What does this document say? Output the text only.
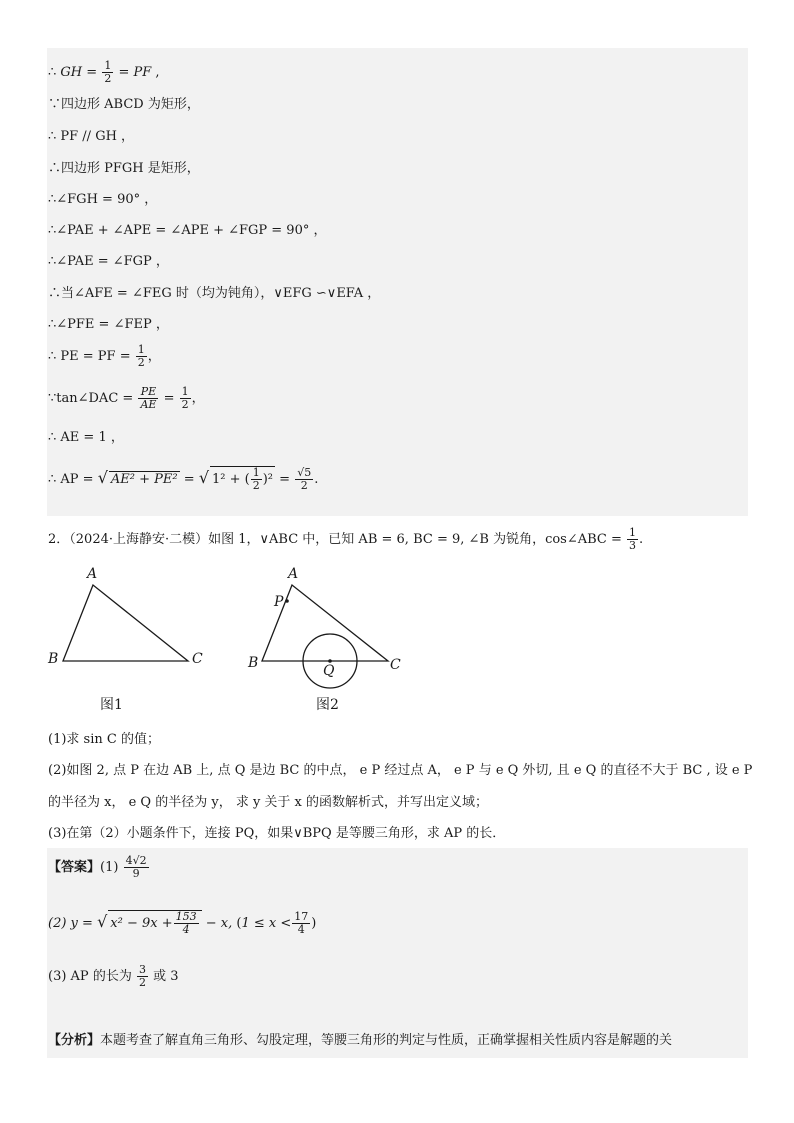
∴ GH = $\frac{1}{2}$ = PF ,
∵四边形 ABCD 为矩形，
∴ PF // GH ，
∴四边形 PFGH 是矩形，
∴∠FGH = 90° ，
∴∠PAE + ∠APE = ∠APE + ∠FGP = 90° ，
∴∠PAE = ∠FGP ，
∴当∠AFE = ∠FEG 时（均为钝角），∨EFG ∽∨EFA ，
∴∠PFE = ∠FEP ，
∴ PE = PF = $\frac{1}{2}$ ，
∵tan∠DAC = $\frac{PE}{AE} = \frac{1}{2}$ ，
∴ AE = 1 ，
∴ AP = √ AE² + PE² = √ 1² + ( $\frac{1}{2} )^2 = \frac{√5}{2}$ .
2．（2024·上海静安·二模）如图 1，∨ABC 中，已知 AB = 6, BC = 9, ∠B 为锐角，cos∠ABC = $\frac{1}{3}$ .
A
B	C
图1
A
P
B	Q	C
图2
(1)求 sin C 的值；
(2)如图 2, 点 P 在边 AB 上, 点 Q 是边 BC 的中点， e P 经过点 A， e P 与 e Q 外切, 且 e Q 的直径不大于 BC , 设 e P
的半径为 x， e Q 的半径为 y， 求 y 关于 x 的函数解析式，并写出定义域；
(3)在第（2）小题条件下，连接 PQ，如果∨BPQ 是等腰三角形，求 AP 的长．
【答案】$(1) \frac{4√2}{9}$
(2) y = √ $x^2 - 9x + \frac{153}{4} - x$, ($1 \le x < \frac{17}{4}$ )
(3) AP 的长为 $\frac{3}{2}$ 或 3
【分析】本题考查了解直角三角形、勾股定理，等腰三角形的判定与性质，正确掌握相关性质内容是解题的关
